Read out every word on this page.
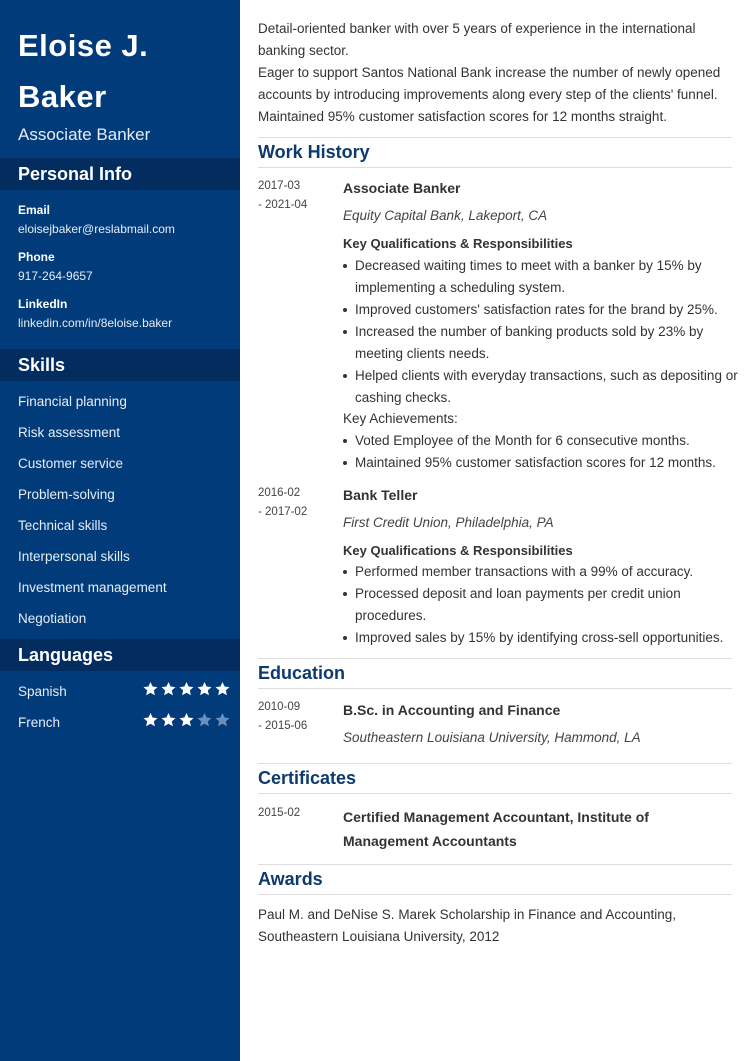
Eloise J. Baker
Associate Banker
Personal Info
Email
eloisejbaker@reslabmail.com
Phone
917-264-9657
LinkedIn
linkedin.com/in/8eloise.baker
Skills
Financial planning
Risk assessment
Customer service
Problem-solving
Technical skills
Interpersonal skills
Investment management
Negotiation
Languages
Spanish
French
Detail-oriented banker with over 5 years of experience in the international banking sector.
Eager to support Santos National Bank increase the number of newly opened accounts by introducing improvements along every step of the clients' funnel.
Maintained 95% customer satisfaction scores for 12 months straight.
Work History
2017-03
- 2021-04
Associate Banker
Equity Capital Bank, Lakeport, CA
Key Qualifications & Responsibilities
Decreased waiting times to meet with a banker by 15% by implementing a scheduling system.
Improved customers' satisfaction rates for the brand by 25%.
Increased the number of banking products sold by 23% by meeting clients needs.
Helped clients with everyday transactions, such as depositing or cashing checks.
Key Achievements:
Voted Employee of the Month for 6 consecutive months.
Maintained 95% customer satisfaction scores for 12 months.
2016-02
- 2017-02
Bank Teller
First Credit Union, Philadelphia, PA
Key Qualifications & Responsibilities
Performed member transactions with a 99% of accuracy.
Processed deposit and loan payments per credit union procedures.
Improved sales by 15% by identifying cross-sell opportunities.
Education
2010-09
- 2015-06
B.Sc. in Accounting and Finance
Southeastern Louisiana University, Hammond, LA
Certificates
2015-02	Certified Management Accountant, Institute of Management Accountants
Awards
Paul M. and DeNise S. Marek Scholarship in Finance and Accounting, Southeastern Louisiana University, 2012
